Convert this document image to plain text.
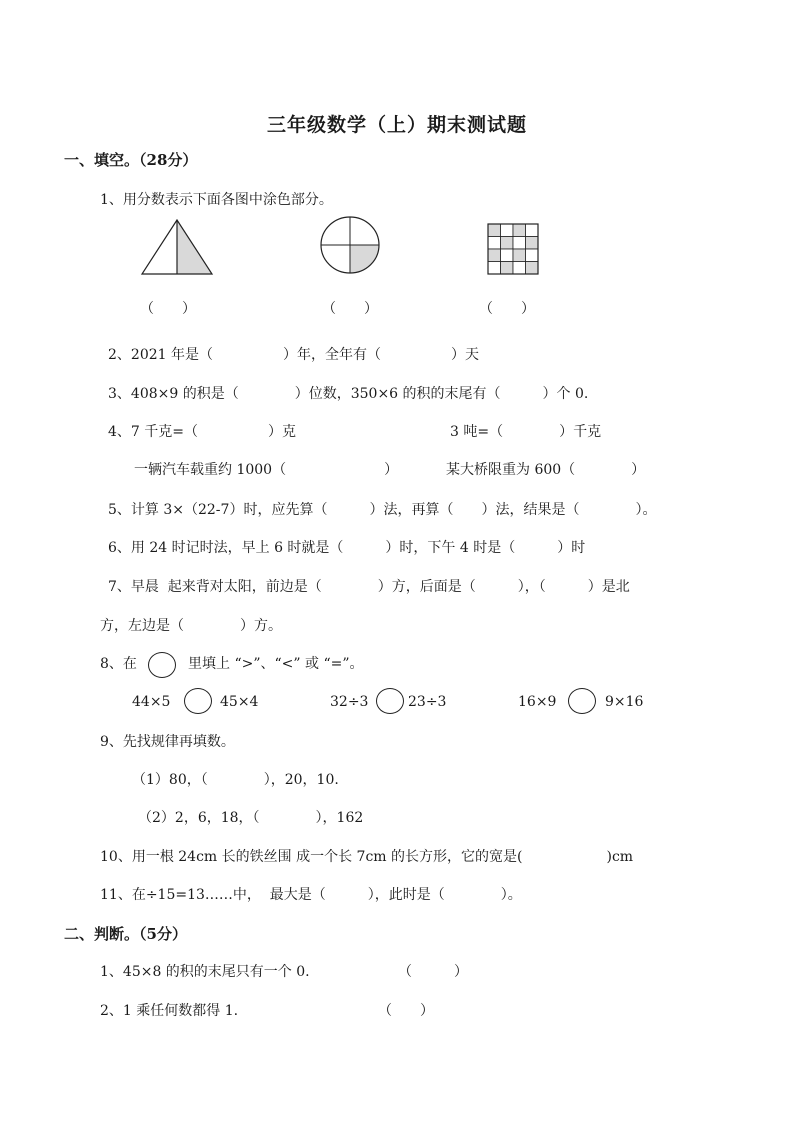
三年级数学（上）期末测试题
一、填空。（28分）
1、用分数表示下面各图中涂色部分。
（　　）	（　　）	（　　）
2、2021 年是（　　　　　）年，全年有（　　　　　）天
3、408×9 的积是（　　　　）位数，350×6 的积的末尾有（　　　）个 0.
4、7 千克=（　　　　　）克	3 吨=（　　　　）千克
一辆汽车载重约 1000（　　　　　　　）	某大桥限重为 600（　　　　）
5、计算 3×（22-7）时，应先算（　　　）法，再算（　　）法，结果是（　　　　）。
6、用 24 时记时法，早上 6 时就是（　　　）时，下午 4 时是（　　　）时
7、早晨  起来背对太阳，前边是（　　　　）方，后面是（　　　），（　　　）是北
方，左边是（　　　　）方。
8、在	里填上 “>”、“<” 或 “=”。
44×5	45×4	32÷3	23÷3	16×9	9×16
9、先找规律再填数。
（1）80，（　　　　），20，10.
（2）2，6，18，（　　　　），162
10、用一根 24cm 长的铁丝围 成一个长 7cm 的长方形，它的宽是(　　　　　　)cm
11、在÷15=13……中，  最大是（　　　），此时是（　　　　）。
二、判断。（5分）
1、45×8 的积的末尾只有一个 0.	（　　　）
2、1 乘任何数都得 1.	（　　）
